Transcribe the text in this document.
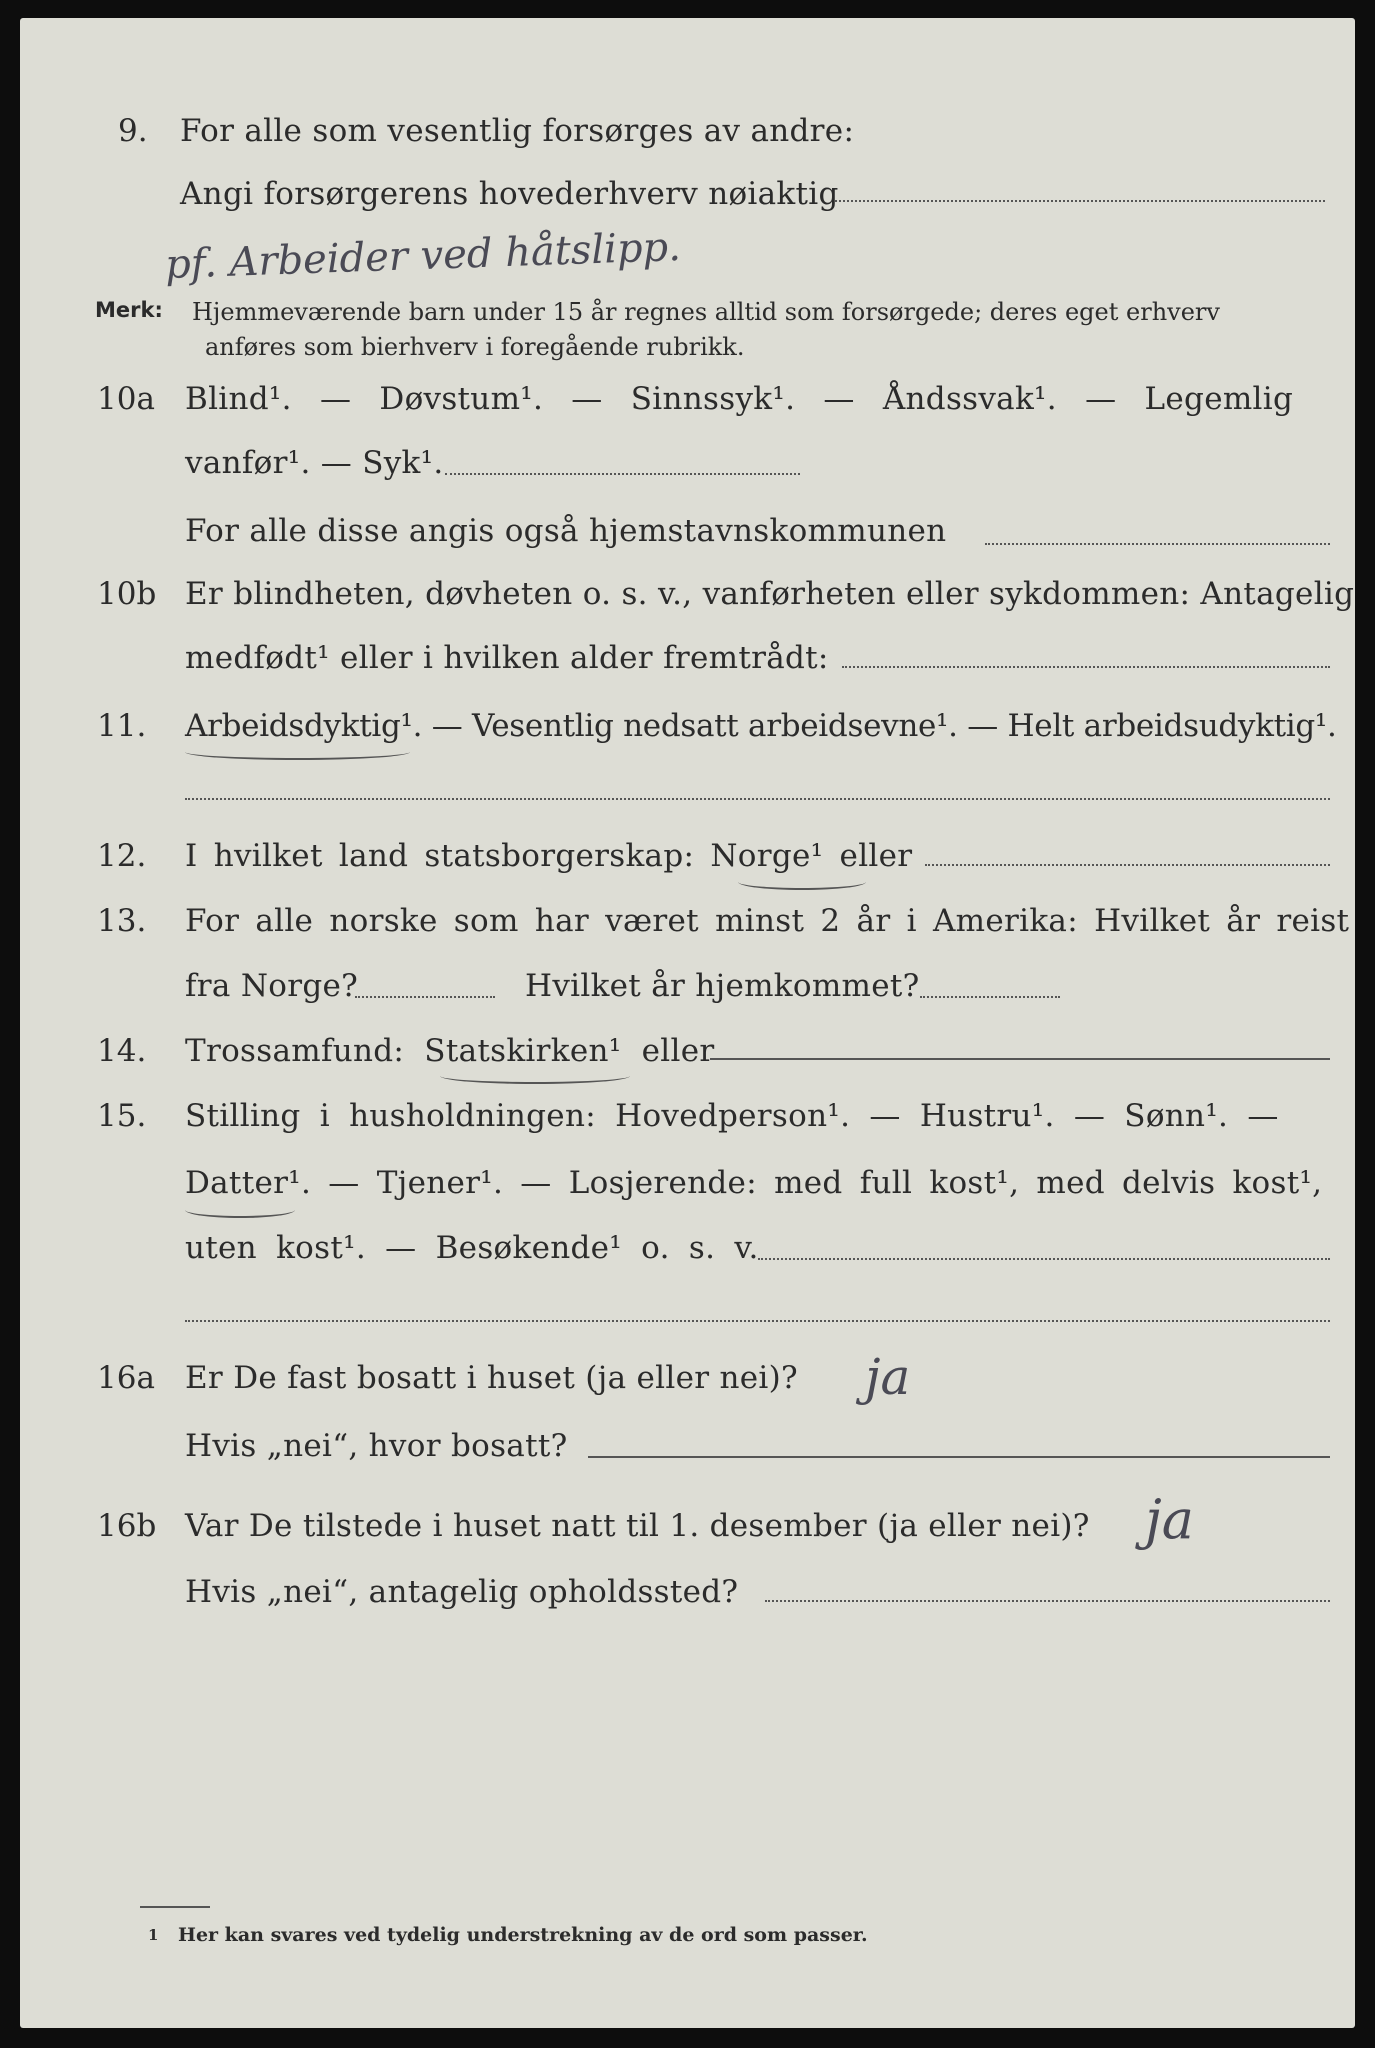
9. For alle som vesentlig forsørges av andre:
Angi forsørgerens hovederhverv nøiaktig
pf. Arbeider ved håtslipp.
Merk: Hjemmeværende barn under 15 år regnes alltid som forsørgede; deres eget erhverv
anføres som bierhverv i foregående rubrikk.
10a Blind¹. — Døvstum¹. — Sinnssyk¹. — Åndssvak¹. — Legemlig
vanfør¹. — Syk¹.
For alle disse angis også hjemstavnskommunen
10b Er blindheten, døvheten o. s. v., vanførheten eller sykdommen: Antagelig
medfødt¹ eller i hvilken alder fremtrådt:
11. Arbeidsdyktig¹. — Vesentlig nedsatt arbeidsevne¹. — Helt arbeidsudyktig¹.
12. I hvilket land statsborgerskap: Norge¹ eller
13. For alle norske som har været minst 2 år i Amerika: Hvilket år reist
fra Norge?	Hvilket år hjemkommet?
14. Trossamfund: Statskirken¹ eller
15. Stilling i husholdningen: Hovedperson¹. — Hustru¹. — Sønn¹. —
Datter¹. — Tjener¹. — Losjerende: med full kost¹, med delvis kost¹,
uten kost¹. — Besøkende¹ o. s. v.
16a Er De fast bosatt i huset (ja eller nei)? ja
Hvis „nei“, hvor bosatt?
16b Var De tilstede i huset natt til 1. desember (ja eller nei)? ja
Hvis „nei“, antagelig opholdssted?
1 Her kan svares ved tydelig understrekning av de ord som passer.
